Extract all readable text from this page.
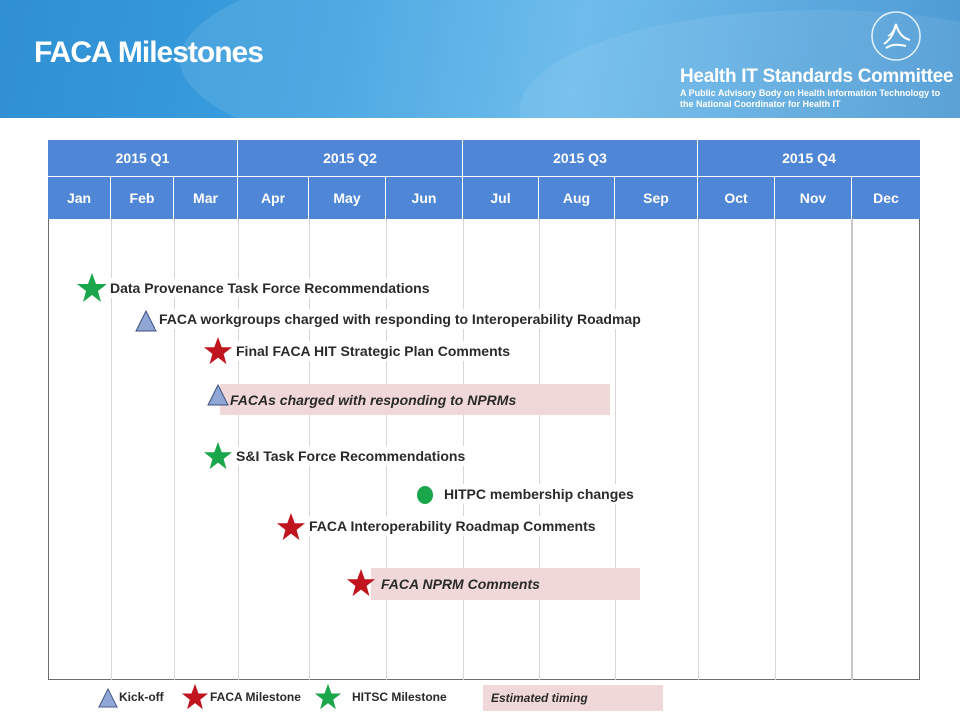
FACA Milestones
Health IT Standards Committee
A Public Advisory Body on Health Information Technology to the National Coordinator for Health IT
2015 Q1	2015 Q2	2015 Q3	2015 Q4
Jan	Feb	Mar	Apr	May	Jun	Jul	Aug	Sep	Oct	Nov	Dec
Data Provenance Task Force Recommendations
FACA workgroups charged with responding to Interoperability Roadmap
Final FACA HIT Strategic Plan Comments
FACAs charged with responding to NPRMs
S&I Task Force Recommendations
HITPC membership changes
FACA Interoperability Roadmap Comments
FACA NPRM Comments
Kick-off	FACA Milestone	HITSC Milestone	Estimated timing
